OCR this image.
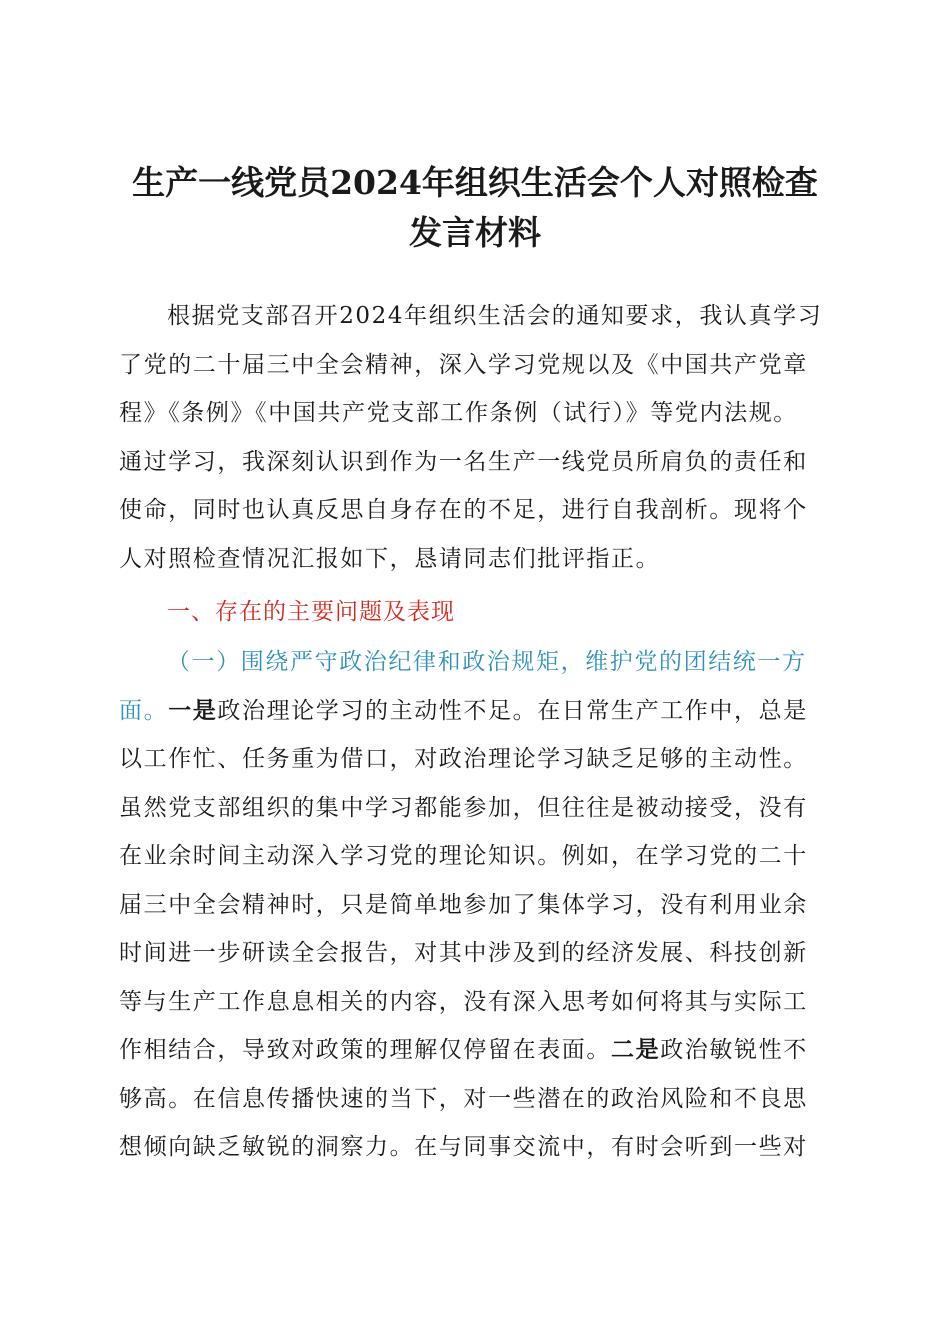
生产一线党员2024年组织生活会个人对照检查
发言材料
根据党支部召开2024年组织生活会的通知要求，我认真学习
了党的二十届三中全会精神，深入学习党规以及《中国共产党章
程》《条例》《中国共产党支部工作条例（试行）》等党内法规。
通过学习，我深刻认识到作为一名生产一线党员所肩负的责任和
使命，同时也认真反思自身存在的不足，进行自我剖析。现将个
人对照检查情况汇报如下，恳请同志们批评指正。
一、存在的主要问题及表现
（一）围绕严守政治纪律和政治规矩，维护党的团结统一方
面。一是政治理论学习的主动性不足。在日常生产工作中，总是
以工作忙、任务重为借口，对政治理论学习缺乏足够的主动性。
虽然党支部组织的集中学习都能参加，但往往是被动接受，没有
在业余时间主动深入学习党的理论知识。例如，在学习党的二十
届三中全会精神时，只是简单地参加了集体学习，没有利用业余
时间进一步研读全会报告，对其中涉及到的经济发展、科技创新
等与生产工作息息相关的内容，没有深入思考如何将其与实际工
作相结合，导致对政策的理解仅停留在表面。二是政治敏锐性不
够高。在信息传播快速的当下，对一些潜在的政治风险和不良思
想倾向缺乏敏锐的洞察力。在与同事交流中，有时会听到一些对
